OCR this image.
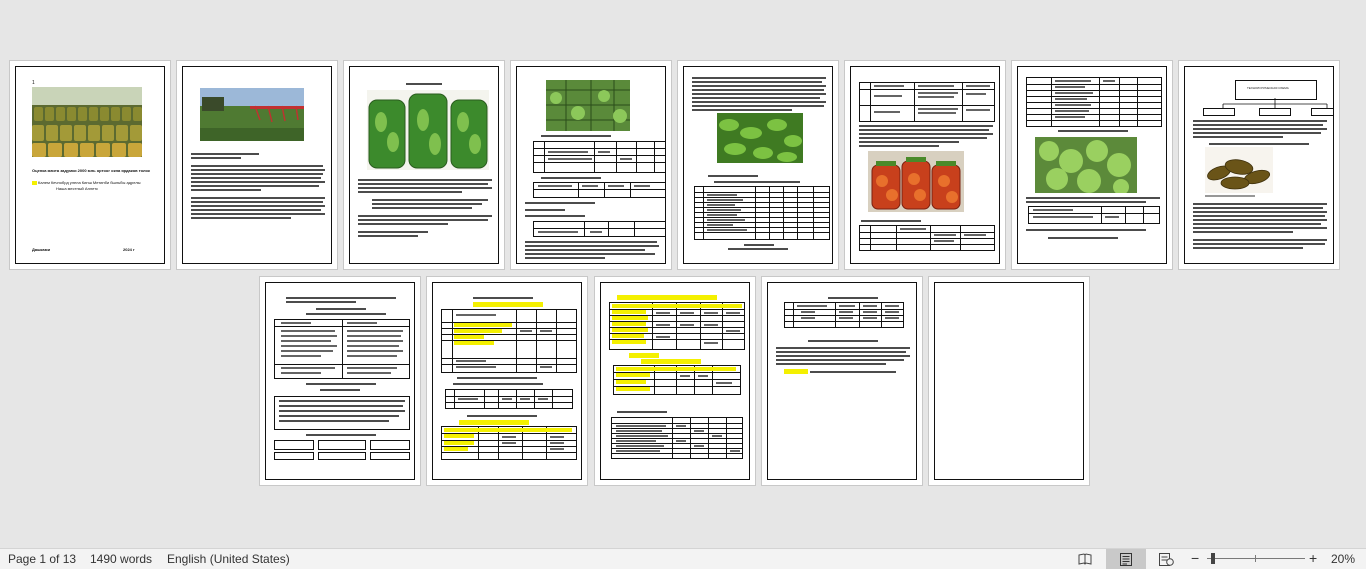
1
Оценка мачта задумки 2000 мль ортоог окна ярдаков толок
Калем Кечнобрд улела Кинш Метинби бшльбы адрелы
Наша местный Анлетс
Дашками	2024 г
ТЕХНОЛОГИЧЕСКАЯ СХЕМА
Page 1 of 13 1490 words English (United States)	−	+ 20%
